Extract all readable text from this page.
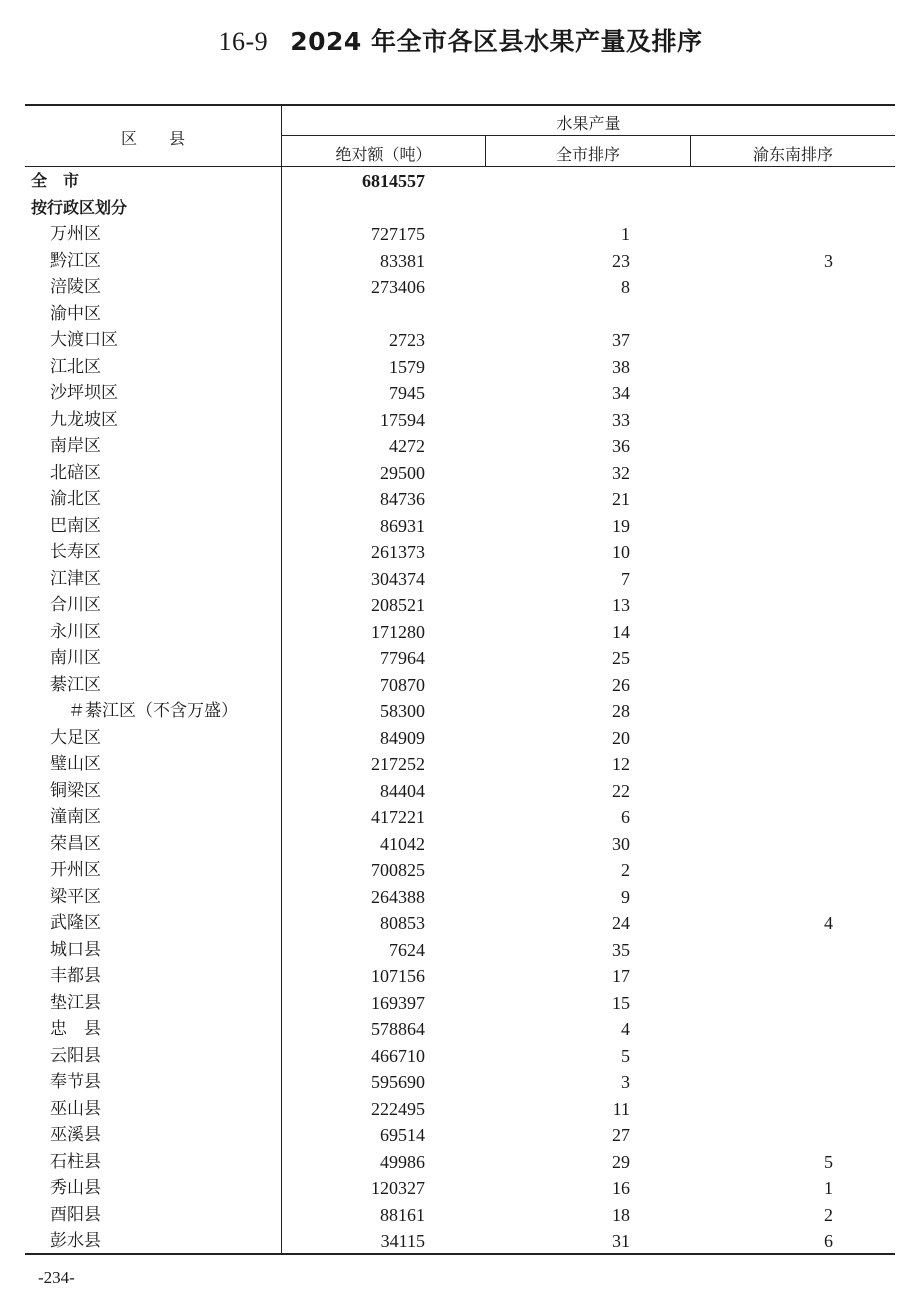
16-9 2024 年全市各区县水果产量及排序
区　　县
水果产量
绝对额（吨）	全市排序	渝东南排序
全　市	6814557
按行政区划分
万州区	727175	1
黔江区	83381	23	3
涪陵区	273406	8
渝中区
大渡口区	2723	37
江北区	1579	38
沙坪坝区	7945	34
九龙坡区	17594	33
南岸区	4272	36
北碚区	29500	32
渝北区	84736	21
巴南区	86931	19
长寿区	261373	10
江津区	304374	7
合川区	208521	13
永川区	171280	14
南川区	77964	25
綦江区	70870	26
＃綦江区（不含万盛）	58300	28
大足区	84909	20
璧山区	217252	12
铜梁区	84404	22
潼南区	417221	6
荣昌区	41042	30
开州区	700825	2
梁平区	264388	9
武隆区	80853	24	4
城口县	7624	35
丰都县	107156	17
垫江县	169397	15
忠　县	578864	4
云阳县	466710	5
奉节县	595690	3
巫山县	222495	11
巫溪县	69514	27
石柱县	49986	29	5
秀山县	120327	16	1
酉阳县	88161	18	2
彭水县	34115	31	6
-234-
